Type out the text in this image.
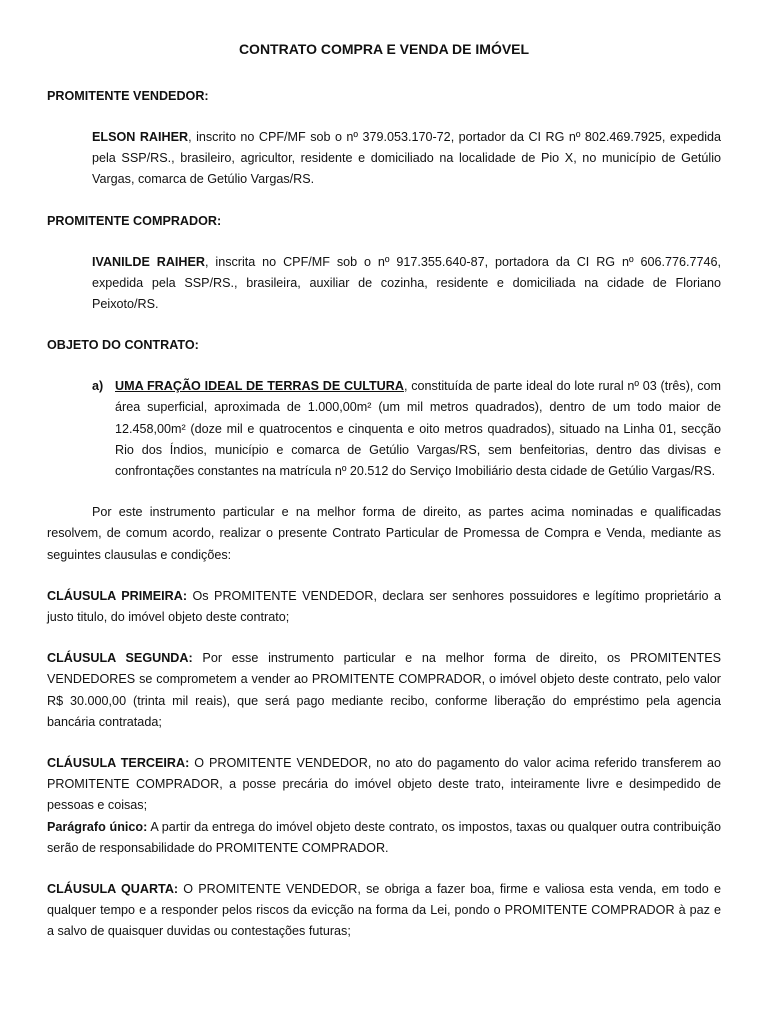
CONTRATO COMPRA E VENDA DE IMÓVEL
PROMITENTE VENDEDOR:

ELSON RAIHER, inscrito no CPF/MF sob o nº 379.053.170-72, portador da CI RG nº 802.469.7925, expedida pela SSP/RS., brasileiro, agricultor, residente e domiciliado na localidade de Pio X, no município de Getúlio Vargas, comarca de Getúlio Vargas/RS.

PROMITENTE COMPRADOR:

IVANILDE RAIHER, inscrita no CPF/MF sob o nº 917.355.640-87, portadora da CI RG nº 606.776.7746, expedida pela SSP/RS., brasileira, auxiliar de cozinha, residente e domiciliada na cidade de Floriano Peixoto/RS.

OBJETO DO CONTRATO:

a) UMA FRAÇÃO IDEAL DE TERRAS DE CULTURA, constituída de parte ideal do lote rural nº 03 (três), com área superficial, aproximada de 1.000,00m² (um mil metros quadrados), dentro de um todo maior de 12.458,00m² (doze mil e quatrocentos e cinquenta e oito metros quadrados), situado na Linha 01, secção Rio dos Índios, município e comarca de Getúlio Vargas/RS, sem benfeitorias, dentro das divisas e confrontações constantes na matrícula nº 20.512 do Serviço Imobiliário desta cidade de Getúlio Vargas/RS.

Por este instrumento particular e na melhor forma de direito, as partes acima nominadas e qualificadas resolvem, de comum acordo, realizar o presente Contrato Particular de Promessa de Compra e Venda, mediante as seguintes clausulas e condições:

CLÁUSULA PRIMEIRA: Os PROMITENTE VENDEDOR, declara ser senhores possuidores e legítimo proprietário a justo titulo, do imóvel objeto deste contrato;

CLÁUSULA SEGUNDA: Por esse instrumento particular e na melhor forma de direito, os PROMITENTES VENDEDORES se comprometem a vender ao PROMITENTE COMPRADOR, o imóvel objeto deste contrato, pelo valor R$ 30.000,00 (trinta mil reais), que será pago mediante recibo, conforme liberação do empréstimo pela agencia bancária contratada;

CLÁUSULA TERCEIRA: O PROMITENTE VENDEDOR, no ato do pagamento do valor acima referido transferem ao PROMITENTE COMPRADOR, a posse precária do imóvel objeto deste trato, inteiramente livre e desimpedido de pessoas e coisas;

Parágrafo único: A partir da entrega do imóvel objeto deste contrato, os impostos, taxas ou qualquer outra contribuição serão de responsabilidade do PROMITENTE COMPRADOR.

CLÁUSULA QUARTA: O PROMITENTE VENDEDOR, se obriga a fazer boa, firme e valiosa esta venda, em todo e qualquer tempo e a responder pelos riscos da evicção na forma da Lei, pondo o PROMITENTE COMPRADOR à paz e a salvo de quaisquer duvidas ou contestações futuras;
